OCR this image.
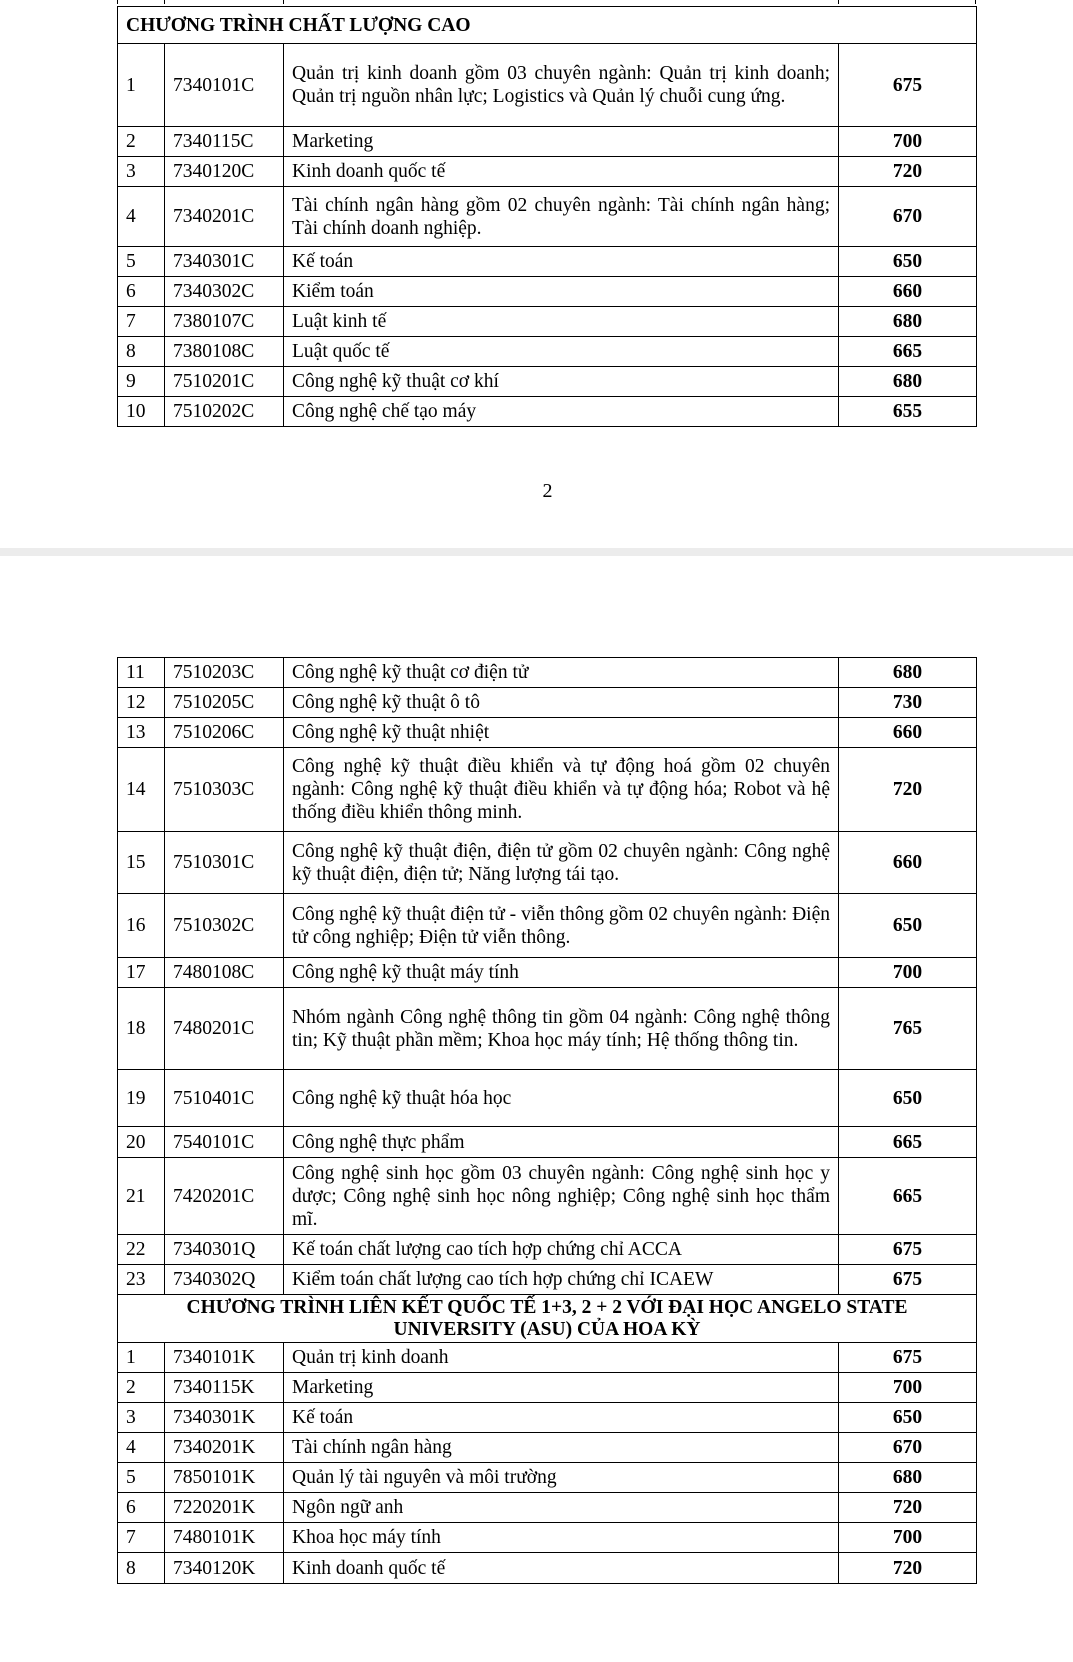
CHƯƠNG TRÌNH CHẤT LƯỢNG CAO			
1	7340101C	Quản trị kinh doanh gồm 03 chuyên ngành: Quản trị kinh doanh; Quản trị nguồn nhân lực; Logistics và Quản lý chuỗi cung ứng.	675
2	7340115C	Marketing	700
3	7340120C	Kinh doanh quốc tế	720
4	7340201C	Tài chính ngân hàng gồm 02 chuyên ngành: Tài chính ngân hàng; Tài chính doanh nghiệp.	670
5	7340301C	Kế toán	650
6	7340302C	Kiểm toán	660
7	7380107C	Luật kinh tế	680
8	7380108C	Luật quốc tế	665
9	7510201C	Công nghệ kỹ thuật cơ khí	680
10	7510202C	Công nghệ chế tạo máy	655
2
11	7510203C	Công nghệ kỹ thuật cơ điện tử	680
12	7510205C	Công nghệ kỹ thuật ô tô	730
13	7510206C	Công nghệ kỹ thuật nhiệt	660
14	7510303C	Công nghệ kỹ thuật điều khiển và tự động hoá gồm 02 chuyên ngành: Công nghệ kỹ thuật điều khiển và tự động hóa; Robot và hệ thống điều khiển thông minh.	720
15	7510301C	Công nghệ kỹ thuật điện, điện tử gồm 02 chuyên ngành: Công nghệ kỹ thuật điện, điện tử; Năng lượng tái tạo.	660
16	7510302C	Công nghệ kỹ thuật điện tử - viễn thông gồm 02 chuyên ngành: Điện tử công nghiệp; Điện tử viễn thông.	650
17	7480108C	Công nghệ kỹ thuật máy tính	700
18	7480201C	Nhóm ngành Công nghệ thông tin gồm 04 ngành: Công nghệ thông tin; Kỹ thuật phần mềm; Khoa học máy tính; Hệ thống thông tin.	765
19	7510401C	Công nghệ kỹ thuật hóa học	650
20	7540101C	Công nghệ thực phẩm	665
21	7420201C	Công nghệ sinh học gồm 03 chuyên ngành: Công nghệ sinh học y dược; Công nghệ sinh học nông nghiệp; Công nghệ sinh học thẩm mĩ.	665
22	7340301Q	Kế toán chất lượng cao tích hợp chứng chỉ ACCA	675
23	7340302Q	Kiểm toán chất lượng cao tích hợp chứng chỉ ICAEW	675
CHƯƠNG TRÌNH LIÊN KẾT QUỐC TẾ 1+3, 2 + 2 VỚI ĐẠI HỌC ANGELO STATE UNIVERSITY (ASU) CỦA HOA KỲ			
1	7340101K	Quản trị kinh doanh	675
2	7340115K	Marketing	700
3	7340301K	Kế toán	650
4	7340201K	Tài chính ngân hàng	670
5	7850101K	Quản lý tài nguyên và môi trường	680
6	7220201K	Ngôn ngữ anh	720
7	7480101K	Khoa học máy tính	700
8	7340120K	Kinh doanh quốc tế	720
